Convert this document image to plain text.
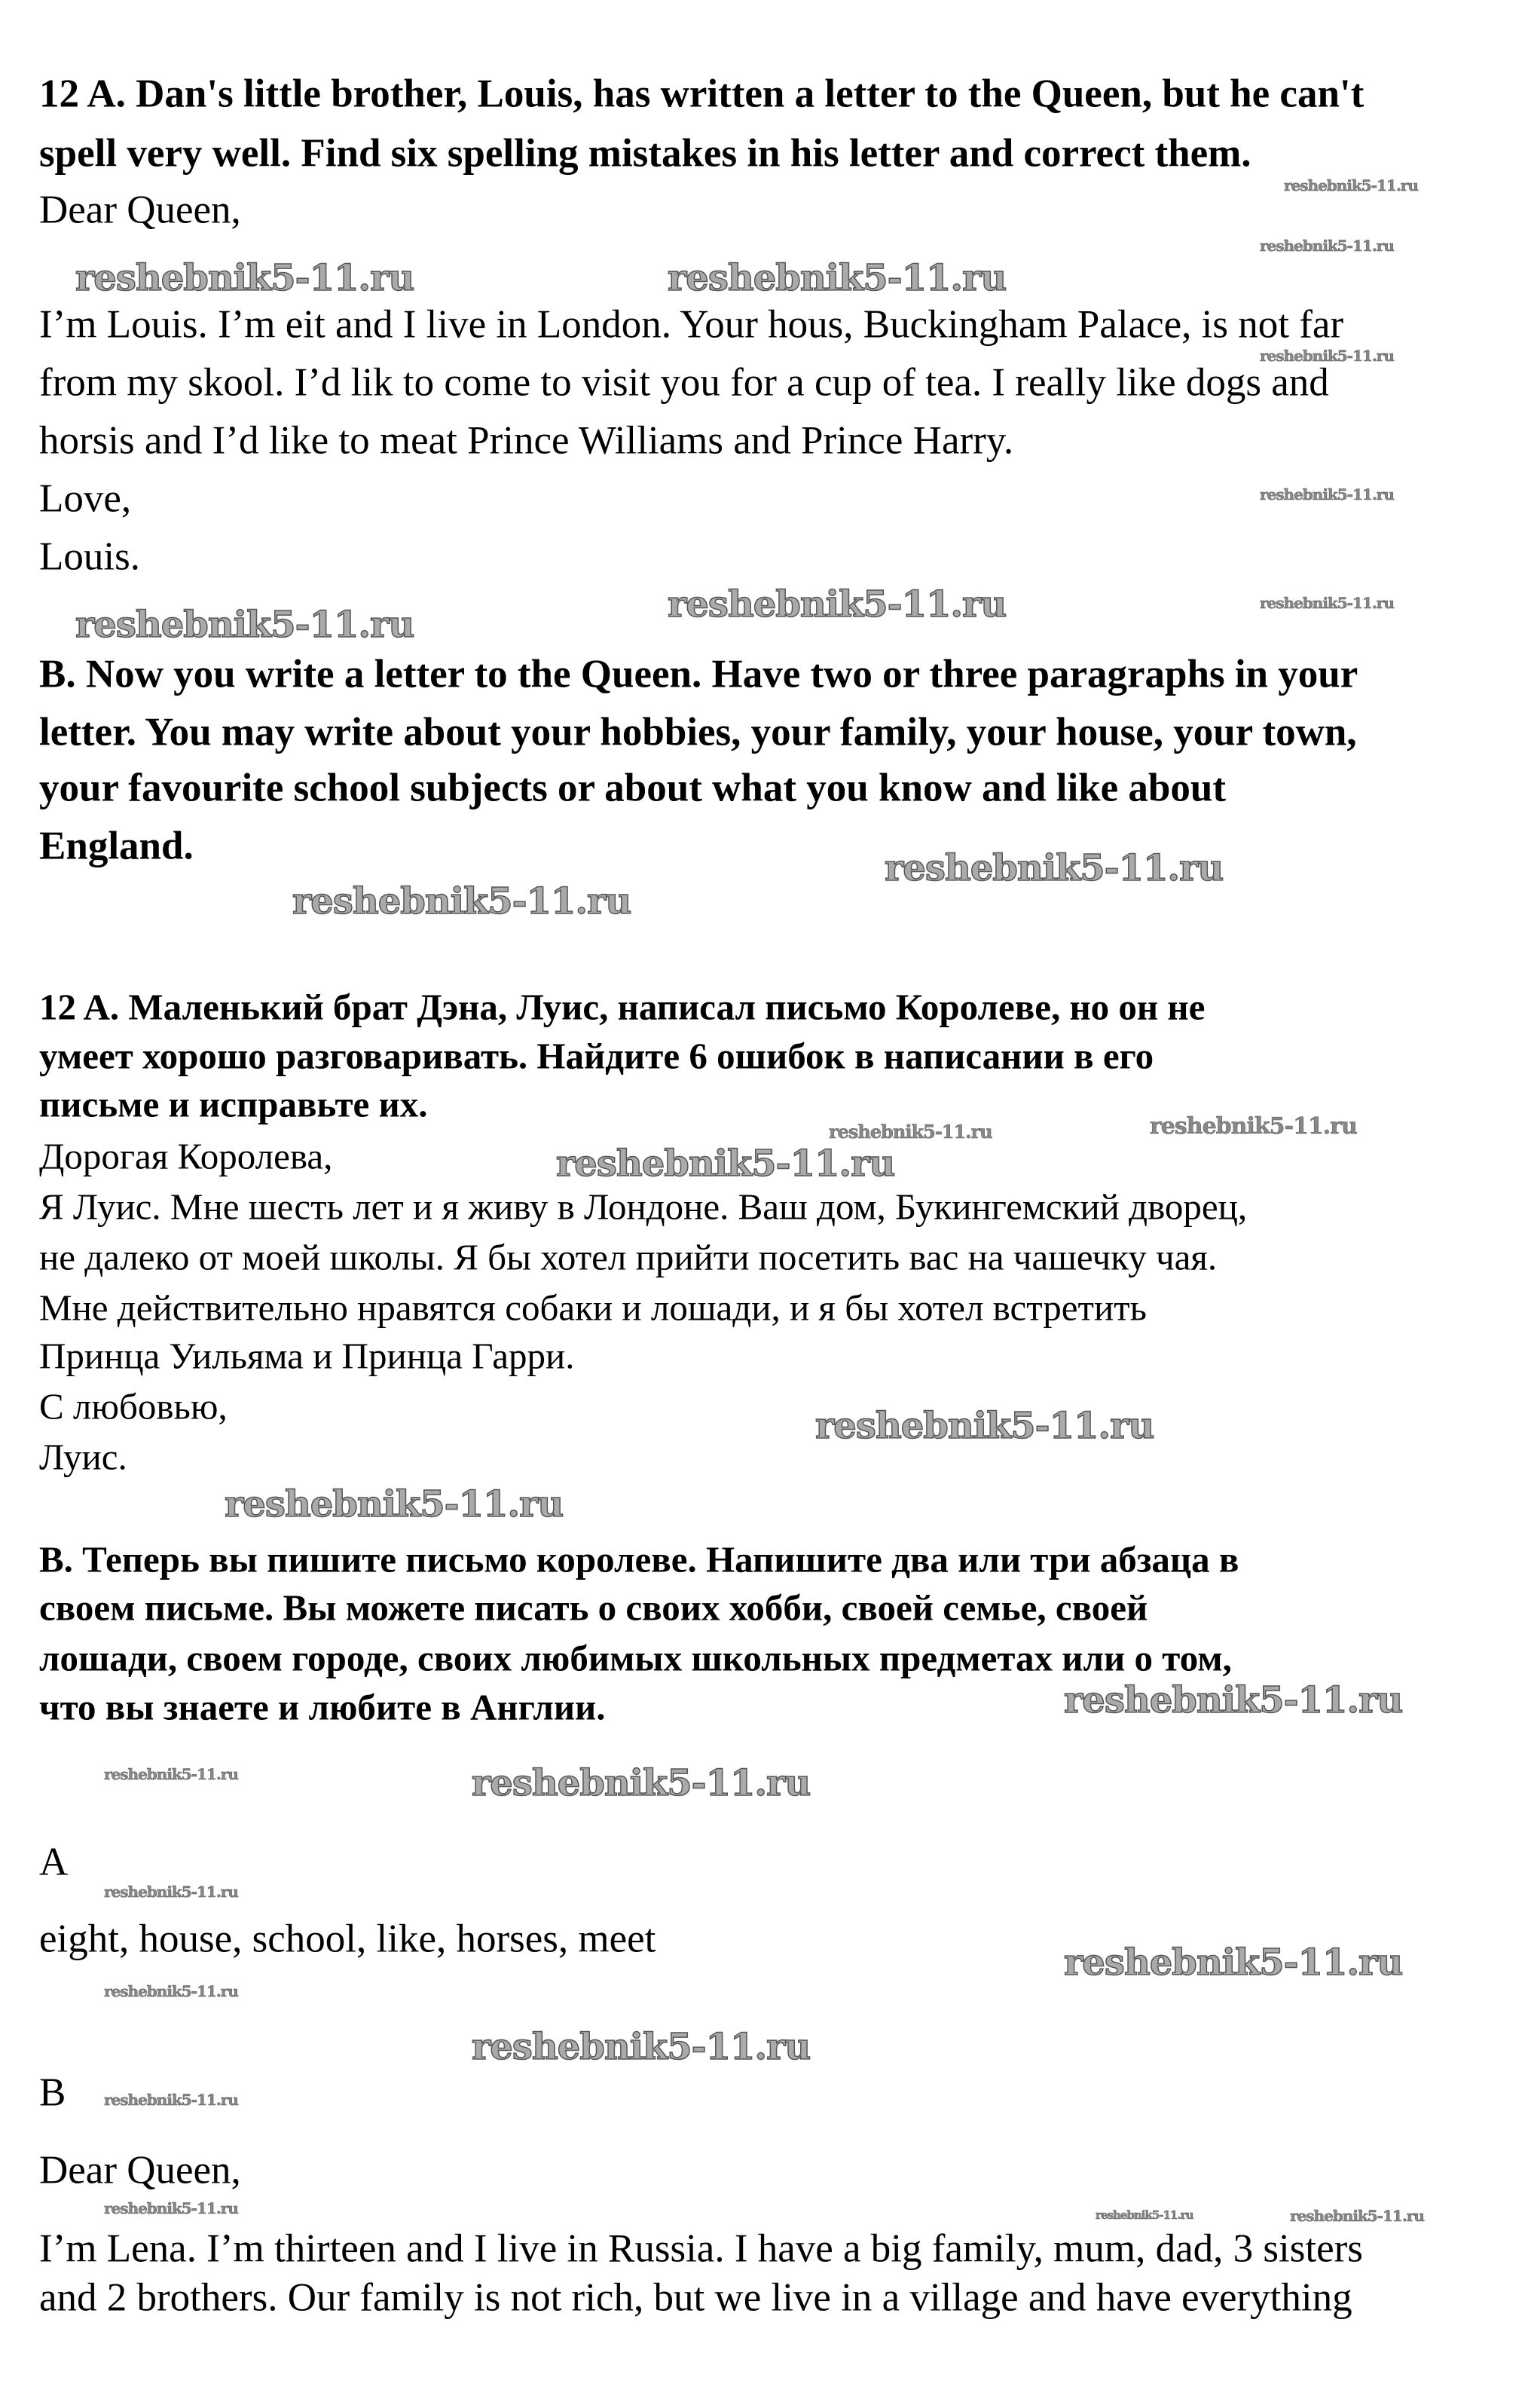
12 A. Dan's little brother, Louis, has written a letter to the Queen, but he can't
spell very well. Find six spelling mistakes in his letter and correct them.
Dear Queen,
I’m Louis. I’m eit and I live in London. Your hous, Buckingham Palace, is not far
from my skool. I’d lik to come to visit you for a cup of tea. I really like dogs and
horsis and I’d like to meat Prince Williams and Prince Harry.
Love,
Louis.
B. Now you write a letter to the Queen. Have two or three paragraphs in your
letter. You may write about your hobbies, your family, your house, your town,
your favourite school subjects or about what you know and like about
England.
12 A. Маленький брат Дэна, Луис, написал письмо Королеве, но он не
умеет хорошо разговаривать. Найдите 6 ошибок в написании в его
письме и исправьте их.
Дорогая Королева,
Я Луис. Мне шесть лет и я живу в Лондоне. Ваш дом, Букингемский дворец,
не далеко от моей школы. Я бы хотел прийти посетить вас на чашечку чая.
Мне действительно нравятся собаки и лошади, и я бы хотел встретить
Принца Уильяма и Принца Гарри.
С любовью,
Луис.
B. Теперь вы пишите письмо королеве. Напишите два или три абзаца в
своем письме. Вы можете писать о своих хобби, своей семье, своей
лошади, своем городе, своих любимых школьных предметах или о том,
что вы знаете и любите в Англии.
A
eight, house, school, like, horses, meet
B
Dear Queen,
I’m Lena. I’m thirteen and I live in Russia. I have a big family, mum, dad, 3 sisters
and 2 brothers. Our family is not rich, but we live in a village and have everything
reshebnik5-11.ru	reshebnik5-11.ru
reshebnik5-11.ru	reshebnik5-11.ru
reshebnik5-11.ru
reshebnik5-11.ru
reshebnik5-11.ru
reshebnik5-11.ru
reshebnik5-11.ru
reshebnik5-11.ru
reshebnik5-11.ru
reshebnik5-11.ru
reshebnik5-11.ru
reshebnik5-11.ru
reshebnik5-11.ru
reshebnik5-11.ru
reshebnik5-11.ru
reshebnik5-11.ru
reshebnik5-11.ru
reshebnik5-11.ru
reshebnik5-11.ru
reshebnik5-11.ru
reshebnik5-11.ru
reshebnik5-11.ru
reshebnik5-11.ru	reshebnik5-11.ru	reshebnik5-11.ru
